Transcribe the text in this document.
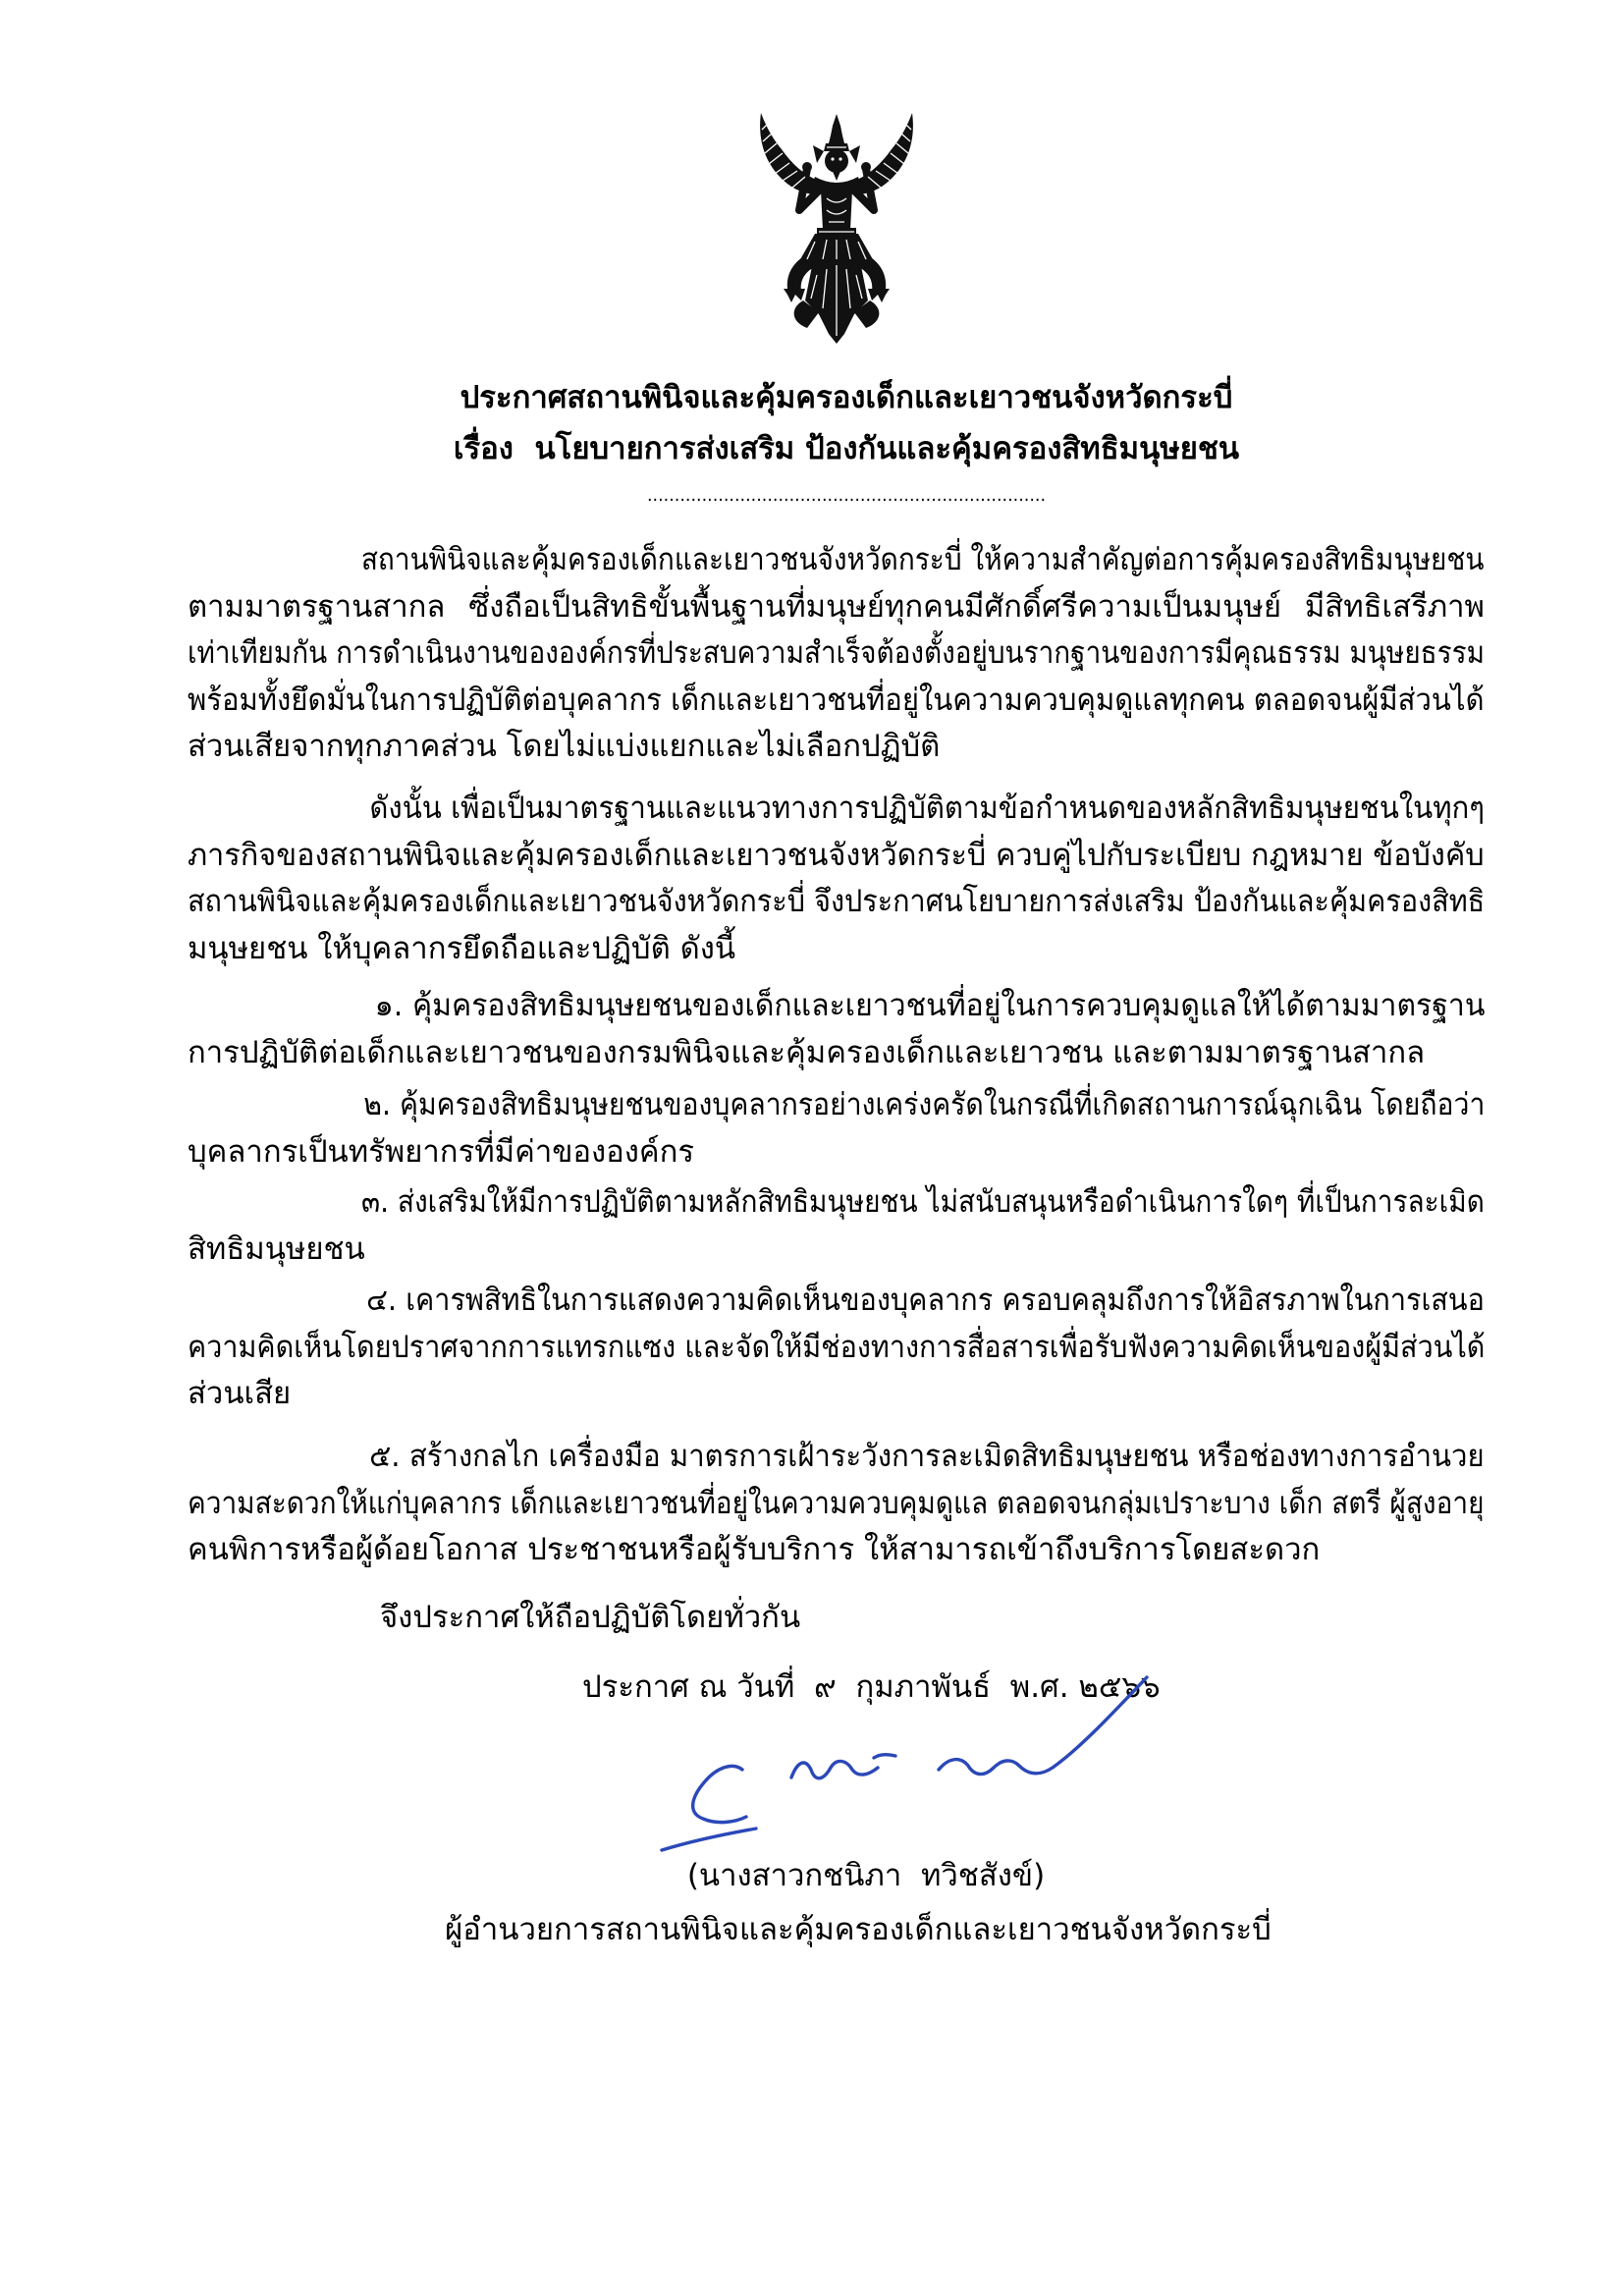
ประกาศสถานพินิจและคุ้มครองเด็กและเยาวชนจังหวัดกระบี่
เรื่อง  นโยบายการส่งเสริม ป้องกันและคุ้มครองสิทธิมนุษยชน
.........................................................................
สถานพินิจและคุ้มครองเด็กและเยาวชนจังหวัดกระบี่ ให้ความสำคัญต่อการคุ้มครองสิทธิมนุษยชน
ตามมาตรฐานสากล ซึ่งถือเป็นสิทธิขั้นพื้นฐานที่มนุษย์ทุกคนมีศักดิ์ศรีความเป็นมนุษย์ มีสิทธิเสรีภาพ
เท่าเทียมกัน การดำเนินงานขององค์กรที่ประสบความสำเร็จต้องตั้งอยู่บนรากฐานของการมีคุณธรรม มนุษยธรรม
พร้อมทั้งยึดมั่นในการปฏิบัติต่อบุคลากร เด็กและเยาวชนที่อยู่ในความควบคุมดูแลทุกคน ตลอดจนผู้มีส่วนได้
ส่วนเสียจากทุกภาคส่วน โดยไม่แบ่งแยกและไม่เลือกปฏิบัติ
ดังนั้น เพื่อเป็นมาตรฐานและแนวทางการปฏิบัติตามข้อกำหนดของหลักสิทธิมนุษยชนในทุกๆ
ภารกิจของสถานพินิจและคุ้มครองเด็กและเยาวชนจังหวัดกระบี่ ควบคู่ไปกับระเบียบ กฎหมาย ข้อบังคับ
สถานพินิจและคุ้มครองเด็กและเยาวชนจังหวัดกระบี่ จึงประกาศนโยบายการส่งเสริม ป้องกันและคุ้มครองสิทธิ
มนุษยชน ให้บุคลากรยึดถือและปฏิบัติ ดังนี้
๑. คุ้มครองสิทธิมนุษยชนของเด็กและเยาวชนที่อยู่ในการควบคุมดูแลให้ได้ตามมาตรฐาน
การปฏิบัติต่อเด็กและเยาวชนของกรมพินิจและคุ้มครองเด็กและเยาวชน และตามมาตรฐานสากล
๒. คุ้มครองสิทธิมนุษยชนของบุคลากรอย่างเคร่งครัดในกรณีที่เกิดสถานการณ์ฉุกเฉิน โดยถือว่า
บุคลากรเป็นทรัพยากรที่มีค่าขององค์กร
๓. ส่งเสริมให้มีการปฏิบัติตามหลักสิทธิมนุษยชน ไม่สนับสนุนหรือดำเนินการใดๆ ที่เป็นการละเมิด
สิทธิมนุษยชน
๔. เคารพสิทธิในการแสดงความคิดเห็นของบุคลากร ครอบคลุมถึงการให้อิสรภาพในการเสนอ
ความคิดเห็นโดยปราศจากการแทรกแซง และจัดให้มีช่องทางการสื่อสารเพื่อรับฟังความคิดเห็นของผู้มีส่วนได้
ส่วนเสีย
๕. สร้างกลไก เครื่องมือ มาตรการเฝ้าระวังการละเมิดสิทธิมนุษยชน หรือช่องทางการอำนวย
ความสะดวกให้แก่บุคลากร เด็กและเยาวชนที่อยู่ในความควบคุมดูแล ตลอดจนกลุ่มเปราะบาง เด็ก สตรี ผู้สูงอายุ
คนพิการหรือผู้ด้อยโอกาส ประชาชนหรือผู้รับบริการ ให้สามารถเข้าถึงบริการโดยสะดวก
จึงประกาศให้ถือปฏิบัติโดยทั่วกัน
ประกาศ ณ วันที่  ๙  กุมภาพันธ์  พ.ศ. ๒๕๖๖
(นางสาวกชนิภา  ทวิชสังข์)
ผู้อำนวยการสถานพินิจและคุ้มครองเด็กและเยาวชนจังหวัดกระบี่
